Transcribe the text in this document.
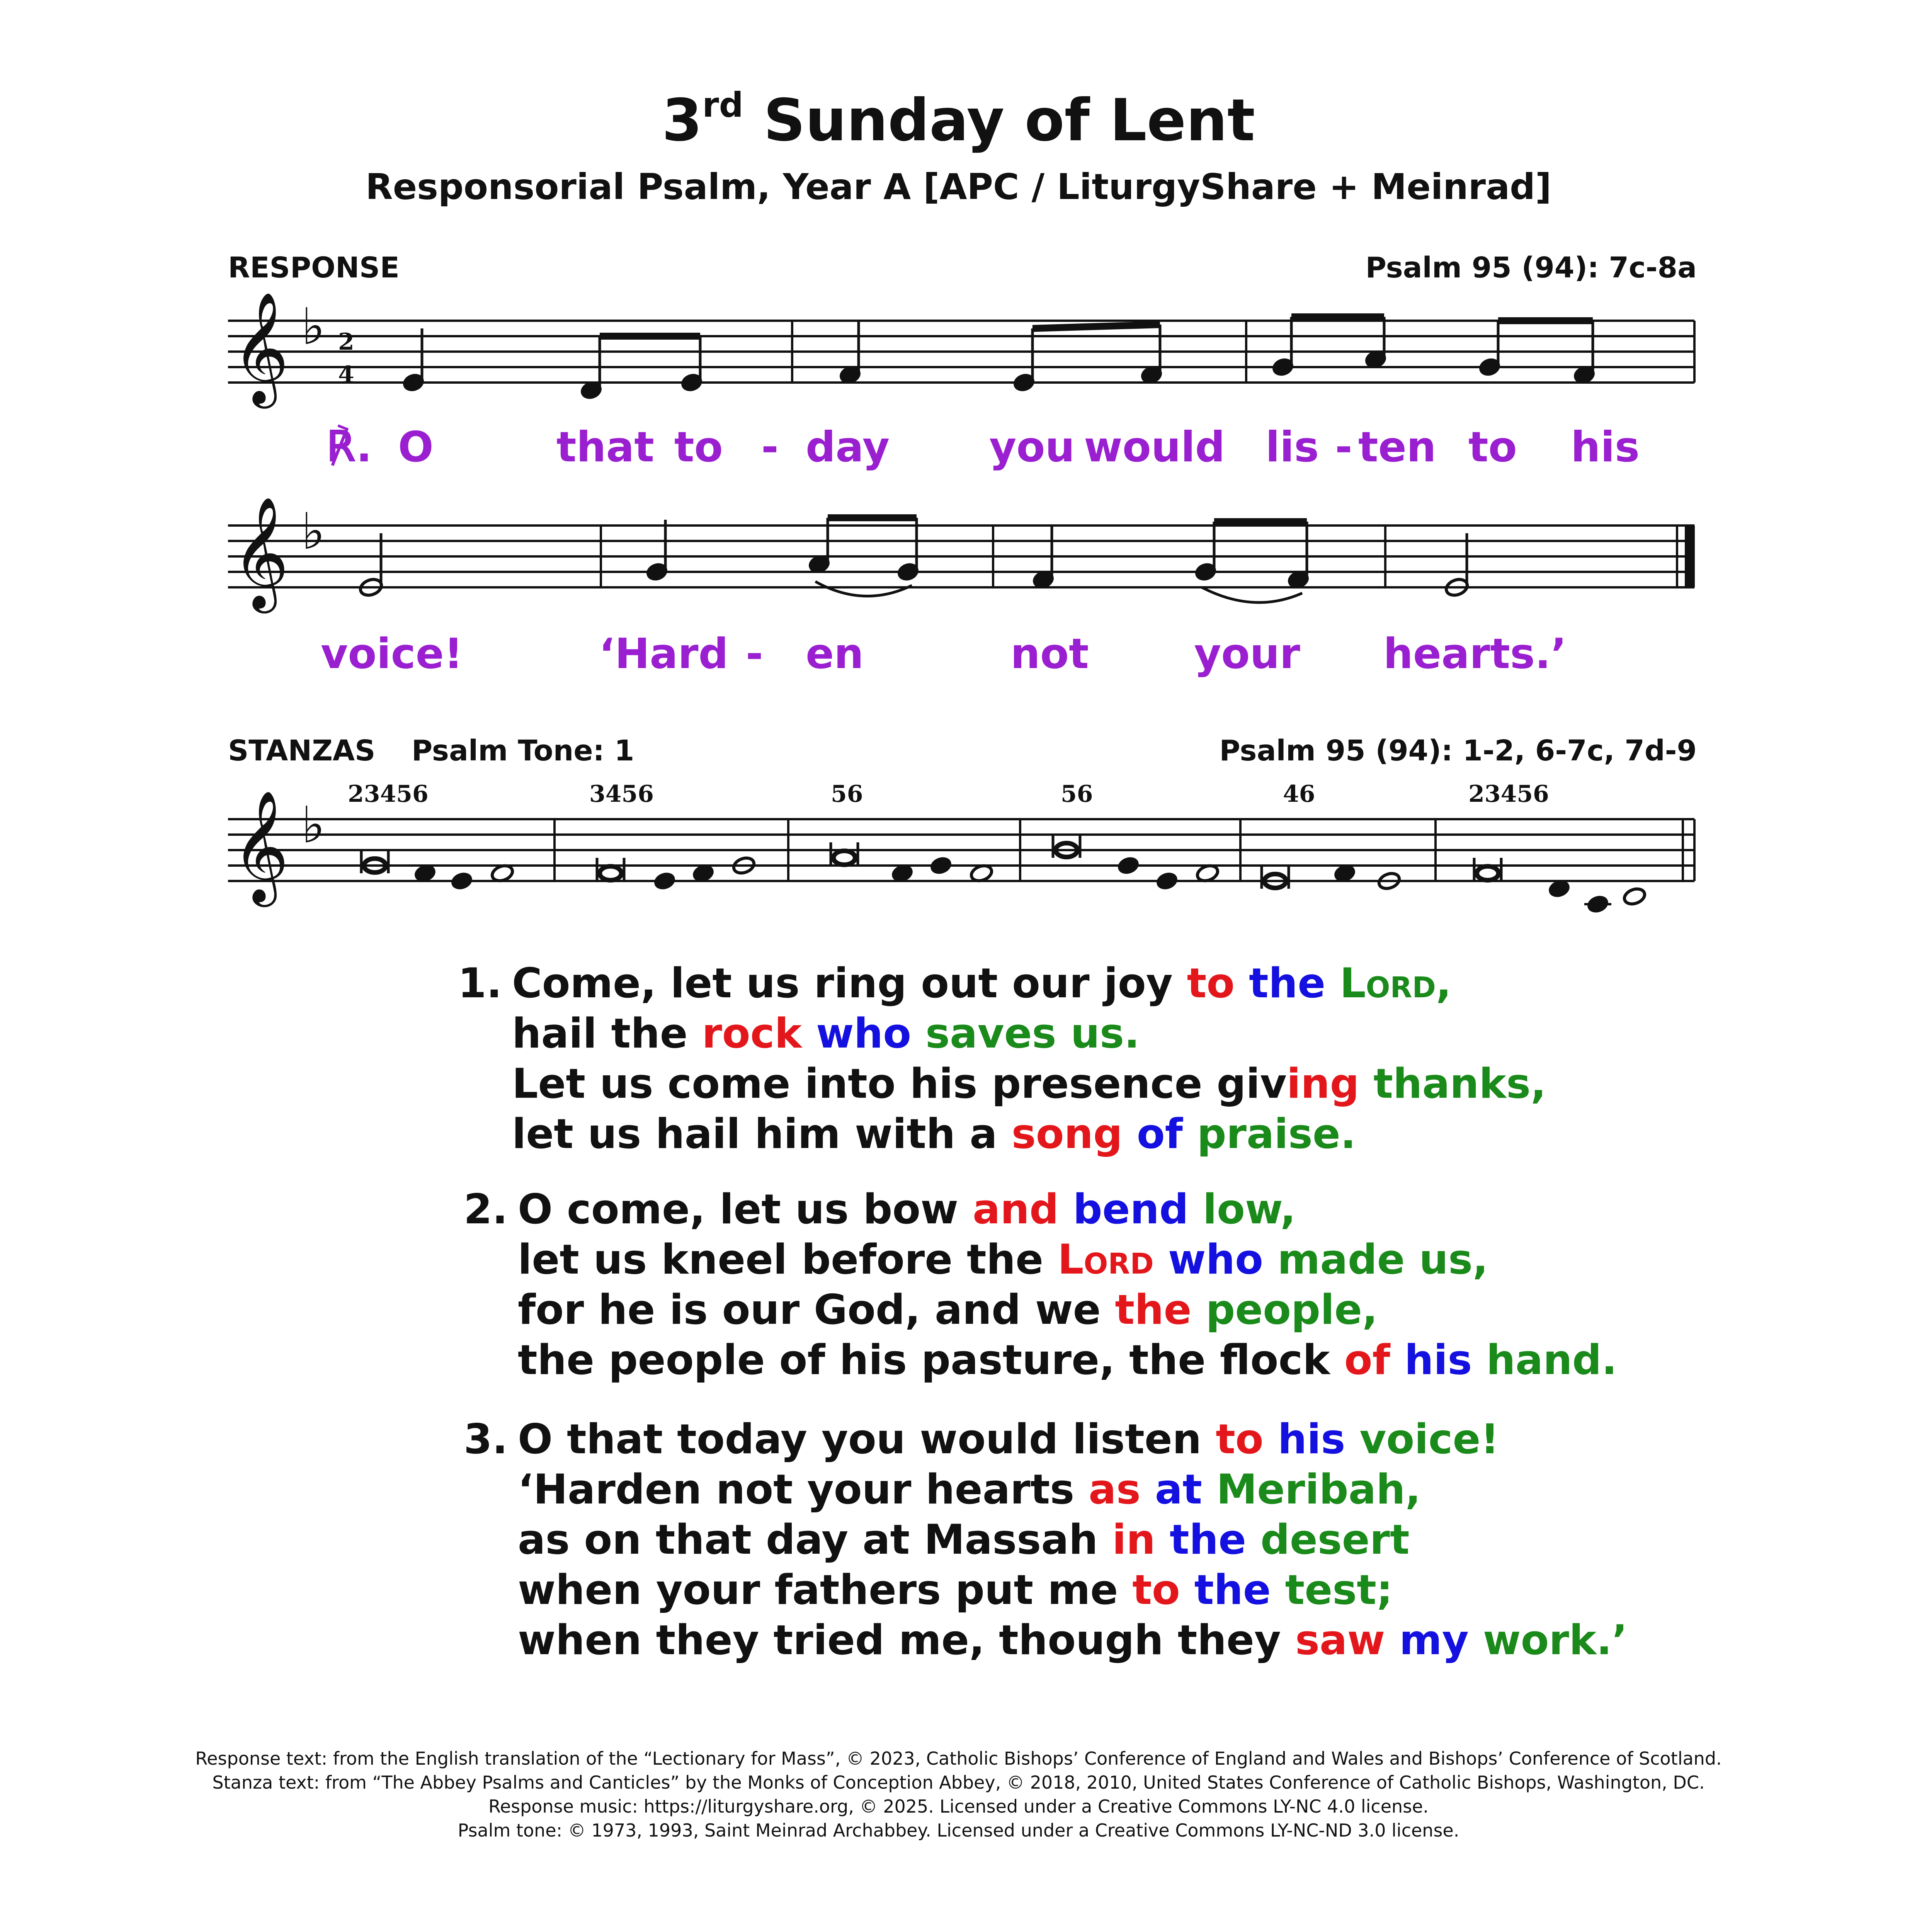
3rd Sunday of Lent
Responsorial Psalm, Year A [APC / LiturgyShare + Meinrad]
RESPONSE	Psalm 95 (94): 7c-8a
𝄞 ♭ 2
4
℟. O	that to - day you would lis - ten to his
𝄞 ♭
voice!	‘Hard - en	not	your hearts.’
STANZAS Psalm Tone: 1	Psalm 95 (94): 1-2, 6-7c, 7d-9
23456	3456	56	56	46	23456
𝄞 ♭
1. Come, let us ring out our joy to the Lord,
hail the rock who saves us.
Let us come into his presence giving thanks,
let us hail him with a song of praise.
2. O come, let us bow and bend low,
let us kneel before the Lord who made us,
for he is our God, and we the people,
the people of his pasture, the flock of his hand.
3. O that today you would listen to his voice!
‘Harden not your hearts as at Meribah,
as on that day at Massah in the desert
when your fathers put me to the test;
when they tried me, though they saw my work.’
Response text: from the English translation of the “Lectionary for Mass”, © 2023, Catholic Bishops’ Conference of England and Wales and Bishops’ Conference of Scotland.
Stanza text: from “The Abbey Psalms and Canticles” by the Monks of Conception Abbey, © 2018, 2010, United States Conference of Catholic Bishops, Washington, DC.
Response music: https://liturgyshare.org, © 2025. Licensed under a Creative Commons LY-NC 4.0 license.
Psalm tone: © 1973, 1993, Saint Meinrad Archabbey. Licensed under a Creative Commons LY-NC-ND 3.0 license.
